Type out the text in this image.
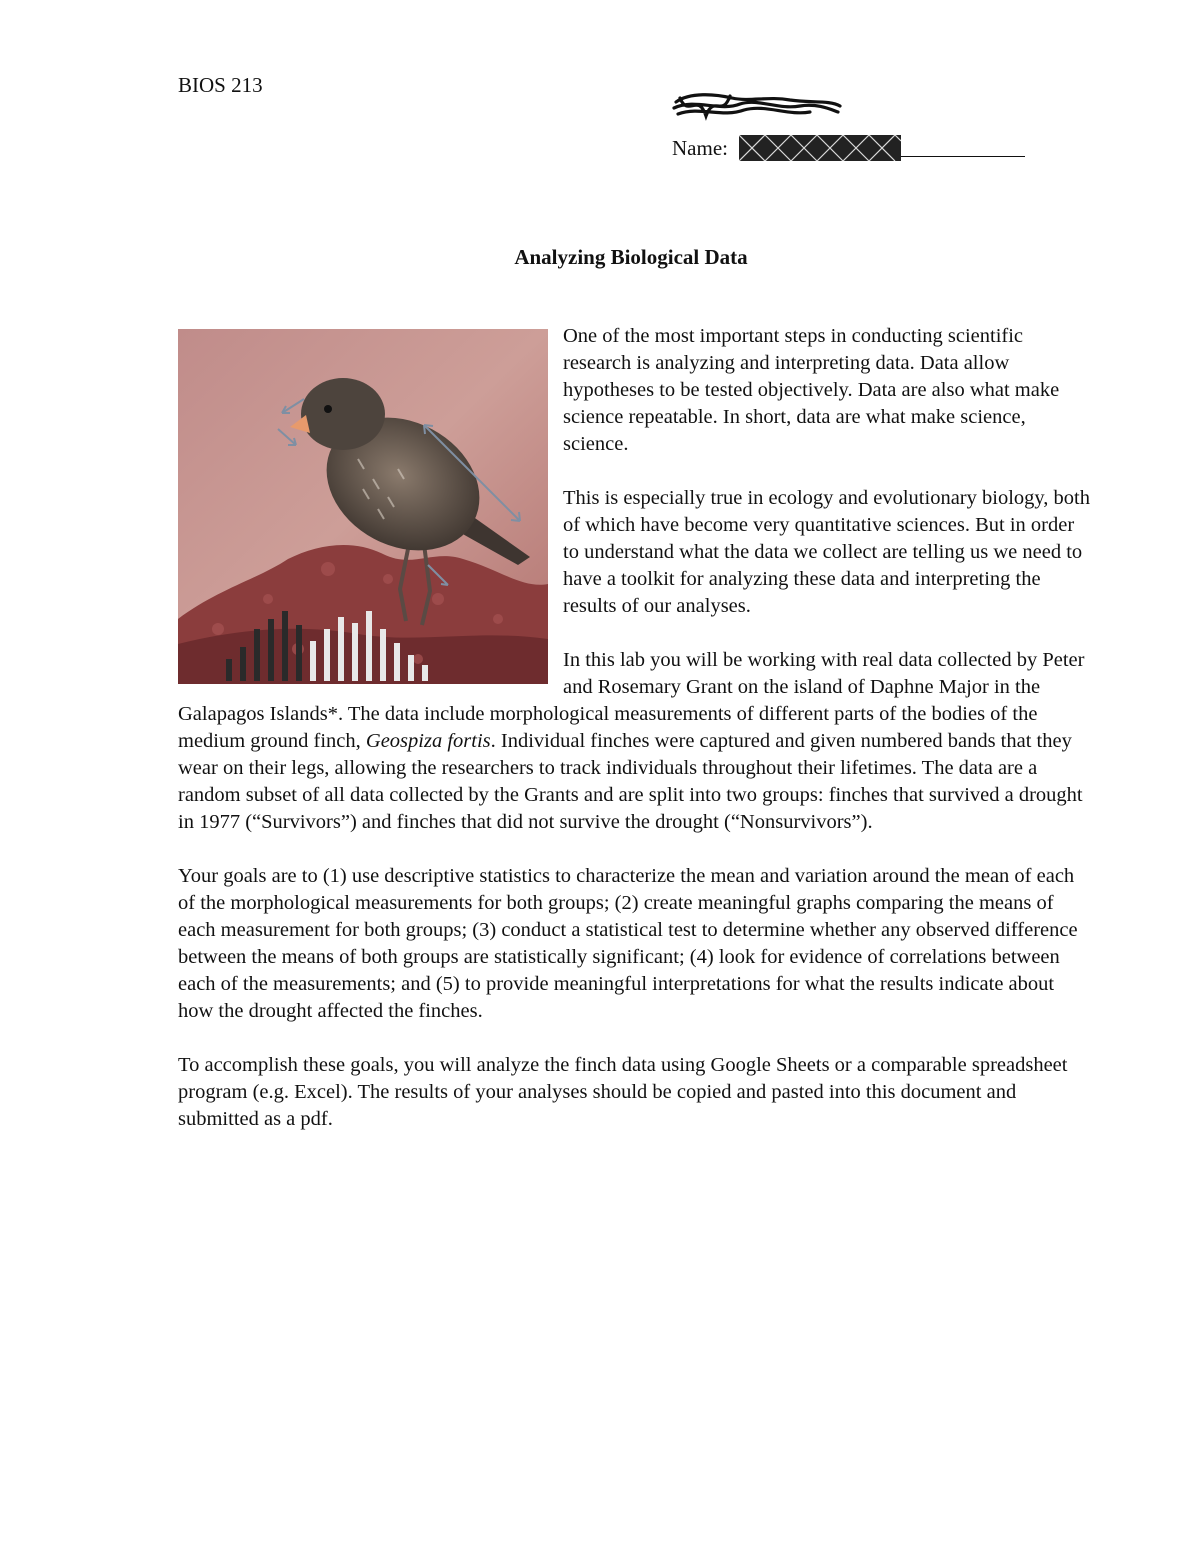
BIOS 213
Name:
Analyzing Biological Data

One of the most important steps in conducting scientific research is analyzing and interpreting data. Data allow hypotheses to be tested objectively. Data are also what make science repeatable. In short, data are what make science, science.

This is especially true in ecology and evolutionary biology, both of which have become very quantitative sciences. But in order to understand what the data we collect are telling us we need to have a toolkit for analyzing these data and interpreting the results of our analyses.

In this lab you will be working with real data collected by Peter and Rosemary Grant on the island of Daphne Major in the Galapagos Islands*. The data include morphological measurements of different parts of the bodies of the medium ground finch, Geospiza fortis. Individual finches were captured and given numbered bands that they wear on their legs, allowing the researchers to track individuals throughout their lifetimes. The data are a random subset of all data collected by the Grants and are split into two groups: finches that survived a drought in 1977 (“Survivors”) and finches that did not survive the drought (“Nonsurvivors”).

Your goals are to (1) use descriptive statistics to characterize the mean and variation around the mean of each of the morphological measurements for both groups; (2) create meaningful graphs comparing the means of each measurement for both groups; (3) conduct a statistical test to determine whether any observed difference between the means of both groups are statistically significant; (4) look for evidence of correlations between each of the measurements; and (5) to provide meaningful interpretations for what the results indicate about how the drought affected the finches.

To accomplish these goals, you will analyze the finch data using Google Sheets or a comparable spreadsheet program (e.g. Excel). The results of your analyses should be copied and pasted into this document and submitted as a pdf.
